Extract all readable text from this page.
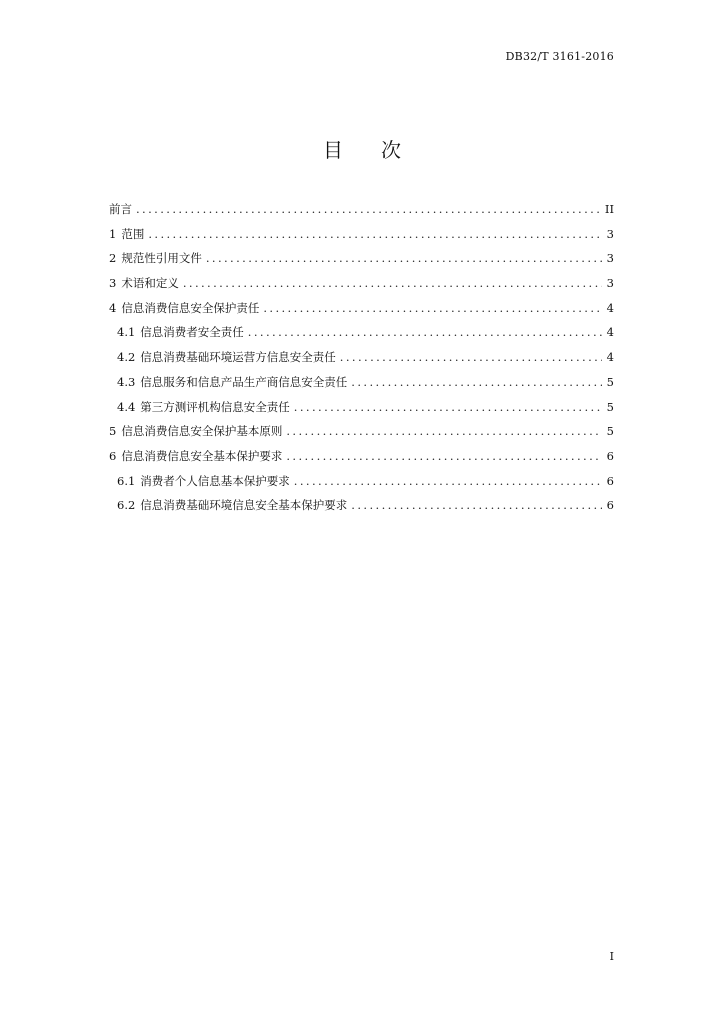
DB32/T 3161-2016
目次
前言 .....	II
1 范围 .....	3
2 规范性引用文件 .....	3
3 术语和定义 .....	3
4 信息消费信息安全保护责任 .....	4
4.1 信息消费者安全责任 .....	4
4.2 信息消费基础环境运营方信息安全责任 .....	4
4.3 信息服务和信息产品生产商信息安全责任 .....	5
4.4 第三方测评机构信息安全责任 .....	5
5 信息消费信息安全保护基本原则 .....	5
6 信息消费信息安全基本保护要求 .....	6
6.1 消费者个人信息基本保护要求 .....	6
6.2 信息消费基础环境信息安全基本保护要求 .....	6
I
